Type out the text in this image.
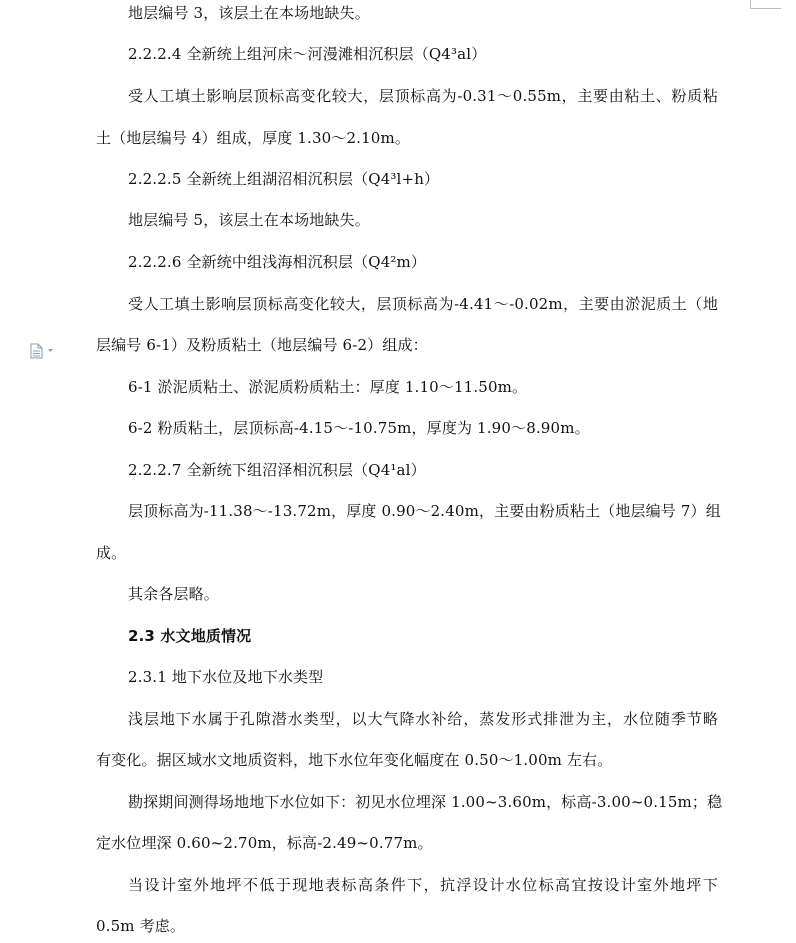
地层编号 3，该层土在本场地缺失。

2.2.2.4 全新统上组河床～河漫滩相沉积层（Q4³al）

受人工填土影响层顶标高变化较大，层顶标高为-0.31～0.55m，主要由粘土、粉质粘

土（地层编号 4）组成，厚度 1.30～2.10m。

2.2.2.5 全新统上组湖沼相沉积层（Q4³l+h）

地层编号 5，该层土在本场地缺失。

2.2.2.6 全新统中组浅海相沉积层（Q4²m）

受人工填土影响层顶标高变化较大，层顶标高为-4.41～-0.02m，主要由淤泥质土（地

层编号 6-1）及粉质粘土（地层编号 6-2）组成：

6-1 淤泥质粘土、淤泥质粉质粘土：厚度 1.10～11.50m。

6-2 粉质粘土，层顶标高-4.15～-10.75m，厚度为 1.90～8.90m。

2.2.2.7 全新统下组沼泽相沉积层（Q4¹al）

层顶标高为-11.38～-13.72m，厚度 0.90～2.40m，主要由粉质粘土（地层编号 7）组

成。

其余各层略。

2.3 水文地质情况

2.3.1 地下水位及地下水类型

浅层地下水属于孔隙潜水类型，以大气降水补给，蒸发形式排泄为主，水位随季节略

有变化。据区域水文地质资料，地下水位年变化幅度在 0.50～1.00m 左右。

勘探期间测得场地地下水位如下：初见水位埋深 1.00~3.60m，标高-3.00~0.15m；稳

定水位埋深 0.60~2.70m，标高-2.49~0.77m。

当设计室外地坪不低于现地表标高条件下，抗浮设计水位标高宜按设计室外地坪下

0.5m 考虑。
